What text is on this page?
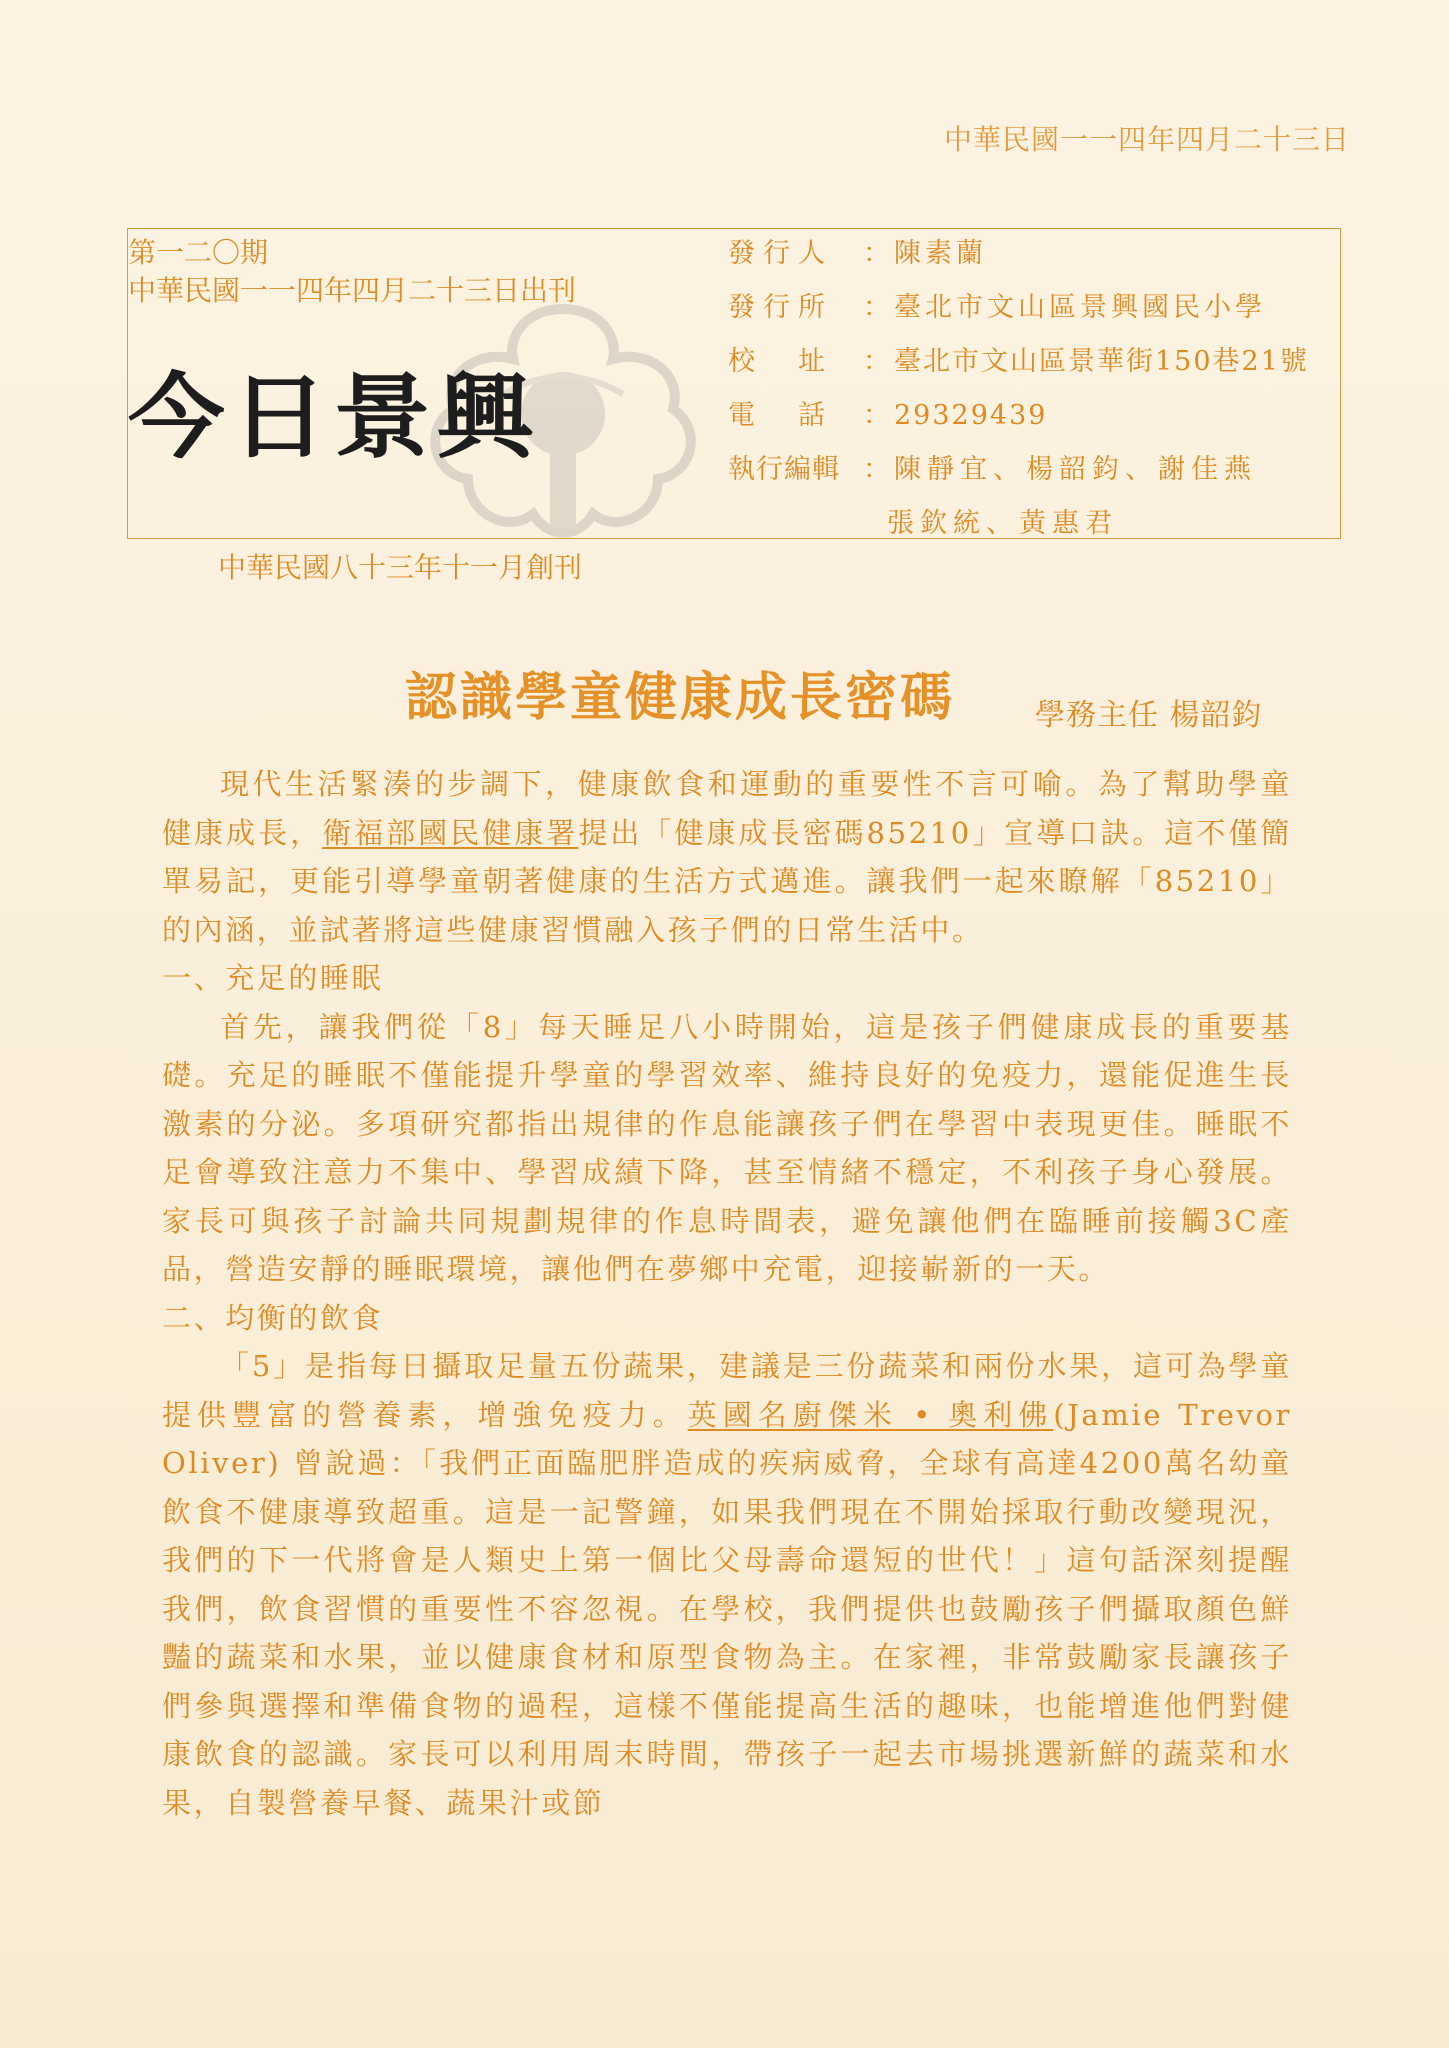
中華民國一一四年四月二十三日
第一二〇期
中華民國一一四年四月二十三日出刊
今日景興
發行人 ：陳素蘭
發行所 ：臺北市文山區景興國民小學
校　址 ：臺北市文山區景華街150巷21號
電　話 ：29329439
執行編輯 ：陳靜宜、楊韶鈞、謝佳燕
張欽統、黃惠君
中華民國八十三年十一月創刊
認識學童健康成長密碼	學務主任 楊韶鈞

現代生活緊湊的步調下，健康飲食和運動的重要性不言可喻。為了幫助學童健康成長，衛福部國民健康署提出「健康成長密碼85210」宣導口訣。這不僅簡單易記，更能引導學童朝著健康的生活方式邁進。讓我們一起來瞭解「85210」的內涵，並試著將這些健康習慣融入孩子們的日常生活中。

一、充足的睡眠

首先，讓我們從「8」每天睡足八小時開始，這是孩子們健康成長的重要基礎。充足的睡眠不僅能提升學童的學習效率、維持良好的免疫力，還能促進生長激素的分泌。多項研究都指出規律的作息能讓孩子們在學習中表現更佳。睡眠不足會導致注意力不集中、學習成績下降，甚至情緒不穩定，不利孩子身心發展。家長可與孩子討論共同規劃規律的作息時間表，避免讓他們在臨睡前接觸3C產品，營造安靜的睡眠環境，讓他們在夢鄉中充電，迎接嶄新的一天。

二、均衡的飲食

「5」是指每日攝取足量五份蔬果，建議是三份蔬菜和兩份水果，這可為學童提供豐富的營養素，增強免疫力。英國名廚傑米 • 奧利佛(Jamie Trevor Oliver) 曾說過：「我們正面臨肥胖造成的疾病威脅，全球有高達4200萬名幼童飲食不健康導致超重。這是一記警鐘，如果我們現在不開始採取行動改變現況，我們的下一代將會是人類史上第一個比父母壽命還短的世代！」這句話深刻提醒我們，飲食習慣的重要性不容忽視。在學校，我們提供也鼓勵孩子們攝取顏色鮮豔的蔬菜和水果，並以健康食材和原型食物為主。在家裡，非常鼓勵家長讓孩子們參與選擇和準備食物的過程，這樣不僅能提高生活的趣味，也能增進他們對健康飲食的認識。家長可以利用周末時間，帶孩子一起去市場挑選新鮮的蔬菜和水果，自製營養早餐、蔬果汁或節
